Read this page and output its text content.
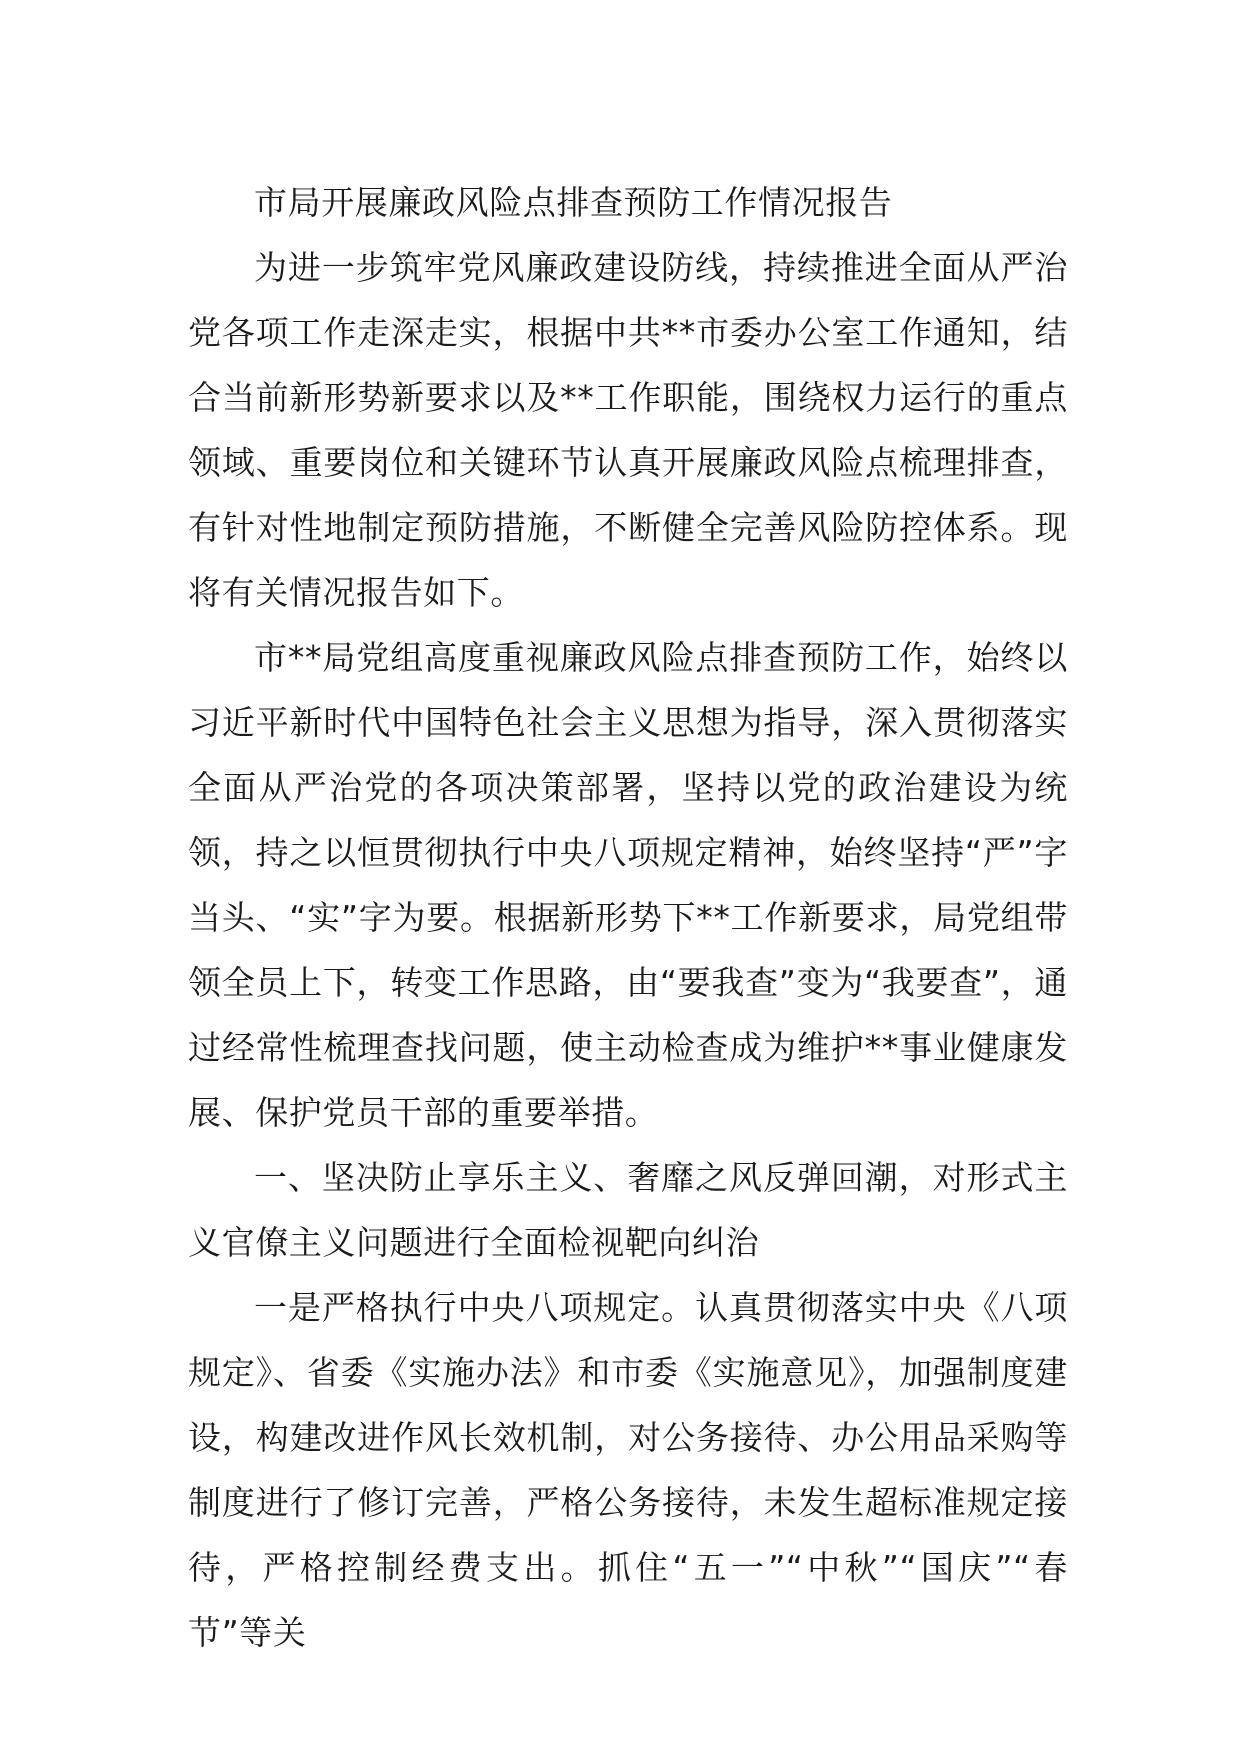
市局开展廉政风险点排查预防工作情况报告

为进一步筑牢党风廉政建设防线，持续推进全面从严治党各项工作走深走实，根据中共**市委办公室工作通知，结合当前新形势新要求以及**工作职能，围绕权力运行的重点领域、重要岗位和关键环节认真开展廉政风险点梳理排查，有针对性地制定预防措施，不断健全完善风险防控体系。现将有关情况报告如下。

市**局党组高度重视廉政风险点排查预防工作，始终以习近平新时代中国特色社会主义思想为指导，深入贯彻落实全面从严治党的各项决策部署，坚持以党的政治建设为统领，持之以恒贯彻执行中央八项规定精神，始终坚持“严”字当头、“实”字为要。根据新形势下**工作新要求，局党组带领全员上下，转变工作思路，由“要我查”变为“我要查”，通过经常性梳理查找问题，使主动检查成为维护**事业健康发展、保护党员干部的重要举措。

一、坚决防止享乐主义、奢靡之风反弹回潮，对形式主义官僚主义问题进行全面检视靶向纠治

一是严格执行中央八项规定。认真贯彻落实中央《八项规定》、省委《实施办法》和市委《实施意见》，加强制度建设，构建改进作风长效机制，对公务接待、办公用品采购等制度进行了修订完善，严格公务接待，未发生超标准规定接待，严格控制经费支出。抓住“五一”“中秋”“国庆”“春节”等关
